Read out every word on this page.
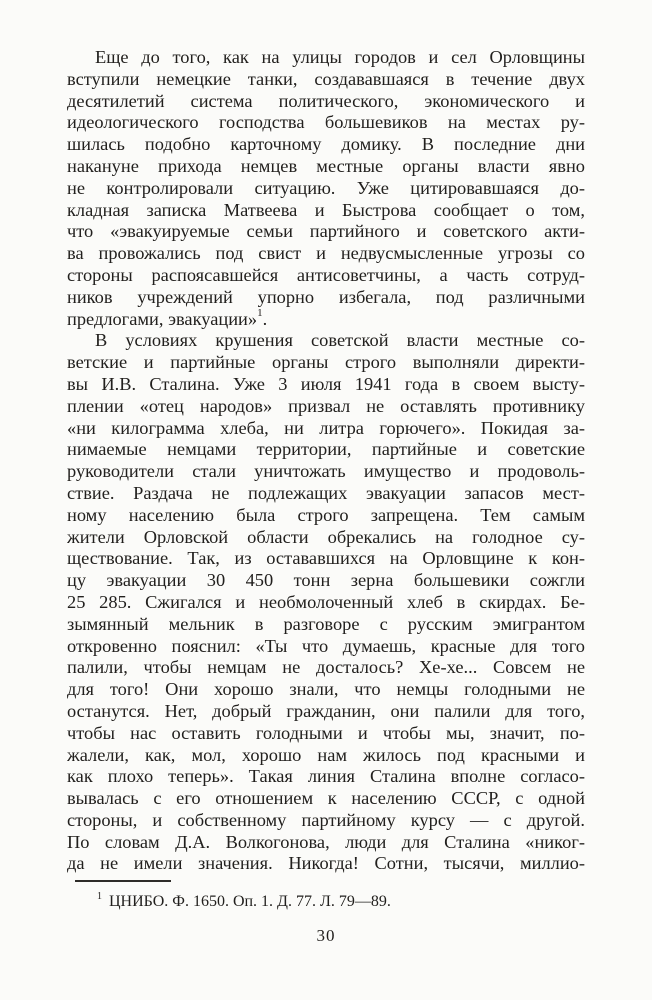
Еще до того, как на улицы городов и сел Орловщины
вступили немецкие танки, создававшаяся в течение двух
десятилетий система политического, экономического и
идеологического господства большевиков на местах ру-
шилась подобно карточному домику. В последние дни
накануне прихода немцев местные органы власти явно
не контролировали ситуацию. Уже цитировавшаяся до-
кладная записка Матвеева и Быстрова сообщает о том,
что «эвакуируемые семьи партийного и советского акти-
ва провожались под свист и недвусмысленные угрозы со
стороны распоясавшейся антисоветчины, а часть сотруд-
ников учреждений упорно избегала, под различными
предлогами, эвакуации»$^1$.

В условиях крушения советской власти местные со-
ветские и партийные органы строго выполняли директи-
вы И.В. Сталина. Уже 3 июля 1941 года в своем высту-
плении «отец народов» призвал не оставлять противнику
«ни килограмма хлеба, ни литра горючего». Покидая за-
нимаемые немцами территории, партийные и советские
руководители стали уничтожать имущество и продоволь-
ствие. Раздача не подлежащих эвакуации запасов мест-
ному населению была строго запрещена. Тем самым
жители Орловской области обрекались на голодное су-
ществование. Так, из остававшихся на Орловщине к кон-
цу эвакуации 30 450 тонн зерна большевики сожгли
25 285. Сжигался и необмолоченный хлеб в скирдах. Бе-
зымянный мельник в разговоре с русским эмигрантом
откровенно пояснил: «Ты что думаешь, красные для того
палили, чтобы немцам не досталось? Хе-хе... Совсем не
для того! Они хорошо знали, что немцы голодными не
останутся. Нет, добрый гражданин, они палили для того,
чтобы нас оставить голодными и чтобы мы, значит, по-
жалели, как, мол, хорошо нам жилось под красными и
как плохо теперь». Такая линия Сталина вполне согласо-
вывалась с его отношением к населению СССР, с одной
стороны, и собственному партийному курсу — с другой.
По словам Д.А. Волкогонова, люди для Сталина «никог-
да не имели значения. Никогда! Сотни, тысячи, миллио-

$^1$ ЦНИБО. Ф. 1650. Оп. 1. Д. 77. Л. 79—89.
30
